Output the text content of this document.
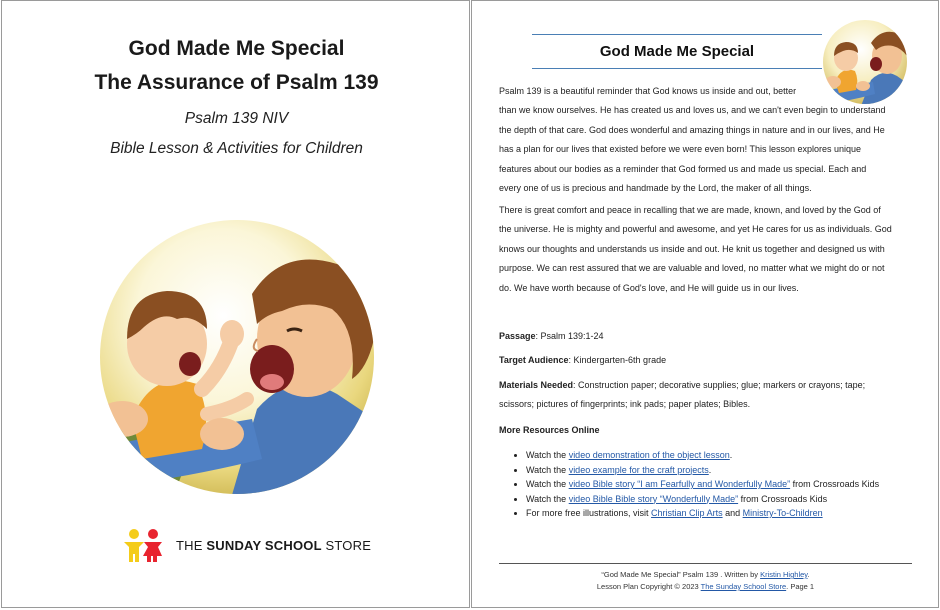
God Made Me Special
The Assurance of Psalm 139
Psalm 139 NIV
Bible Lesson & Activities for Children
THE SUNDAY SCHOOL STORE
God Made Me Special

Psalm 139 is a beautiful reminder that God knows us inside and out, better
than we know ourselves. He has created us and loves us, and we can't even begin to understand
the depth of that care. God does wonderful and amazing things in nature and in our lives, and He
has a plan for our lives that existed before we were even born! This lesson explores unique
features about our bodies as a reminder that God formed us and made us special. Each and
every one of us is precious and handmade by the Lord, the maker of all things.

There is great comfort and peace in recalling that we are made, known, and loved by the God of
the universe. He is mighty and powerful and awesome, and yet He cares for us as individuals. God
knows our thoughts and understands us inside and out. He knit us together and designed us with
purpose. We can rest assured that we are valuable and loved, no matter what we might do or not
do. We have worth because of God's love, and He will guide us in our lives.

Passage: Psalm 139:1-24
Target Audience: Kindergarten-6th grade
Materials Needed: Construction paper; decorative supplies; glue; markers or crayons; tape;
scissors; pictures of fingerprints; ink pads; paper plates; Bibles.
More Resources Online
• Watch the video demonstration of the object lesson.
• Watch the video example for the craft projects.
• Watch the video Bible story “I am Fearfully and Wonderfully Made” from Crossroads Kids
• Watch the video Bible Bible story “Wonderfully Made” from Crossroads Kids
• For more free illustrations, visit Christian Clip Arts and Ministry-To-Children
“God Made Me Special” Psalm 139 . Written by Kristin Highley.
Lesson Plan Copyright © 2023 The Sunday School Store. Page 1
